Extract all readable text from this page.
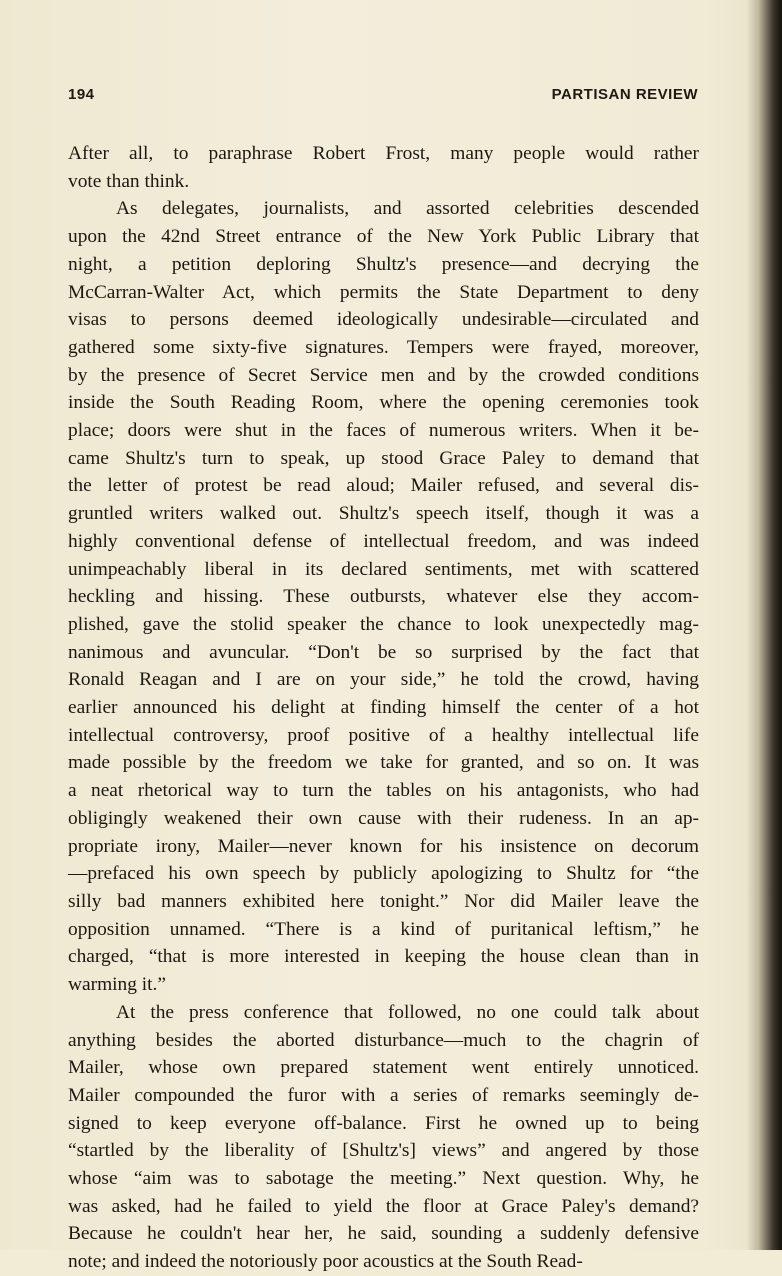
194	PARTISAN REVIEW
After all, to paraphrase Robert Frost, many people would rather
vote than think.
As delegates, journalists, and assorted celebrities descended
upon the 42nd Street entrance of the New York Public Library that
night, a petition deploring Shultz's presence—and decrying the
McCarran-Walter Act, which permits the State Department to deny
visas to persons deemed ideologically undesirable—circulated and
gathered some sixty-five signatures. Tempers were frayed, moreover,
by the presence of Secret Service men and by the crowded conditions
inside the South Reading Room, where the opening ceremonies took
place; doors were shut in the faces of numerous writers. When it be-
came Shultz's turn to speak, up stood Grace Paley to demand that
the letter of protest be read aloud; Mailer refused, and several dis-
gruntled writers walked out. Shultz's speech itself, though it was a
highly conventional defense of intellectual freedom, and was indeed
unimpeachably liberal in its declared sentiments, met with scattered
heckling and hissing. These outbursts, whatever else they accom-
plished, gave the stolid speaker the chance to look unexpectedly mag-
nanimous and avuncular. “Don't be so surprised by the fact that
Ronald Reagan and I are on your side,” he told the crowd, having
earlier announced his delight at finding himself the center of a hot
intellectual controversy, proof positive of a healthy intellectual life
made possible by the freedom we take for granted, and so on. It was
a neat rhetorical way to turn the tables on his antagonists, who had
obligingly weakened their own cause with their rudeness. In an ap-
propriate irony, Mailer—never known for his insistence on decorum
—prefaced his own speech by publicly apologizing to Shultz for “the
silly bad manners exhibited here tonight.” Nor did Mailer leave the
opposition unnamed. “There is a kind of puritanical leftism,” he
charged, “that is more interested in keeping the house clean than in
warming it.”
At the press conference that followed, no one could talk about
anything besides the aborted disturbance—much to the chagrin of
Mailer, whose own prepared statement went entirely unnoticed.
Mailer compounded the furor with a series of remarks seemingly de-
signed to keep everyone off-balance. First he owned up to being
“startled by the liberality of [Shultz's] views” and angered by those
whose “aim was to sabotage the meeting.” Next question. Why, he
was asked, had he failed to yield the floor at Grace Paley's demand?
Because he couldn't hear her, he said, sounding a suddenly defensive
note; and indeed the notoriously poor acoustics at the South Read-
